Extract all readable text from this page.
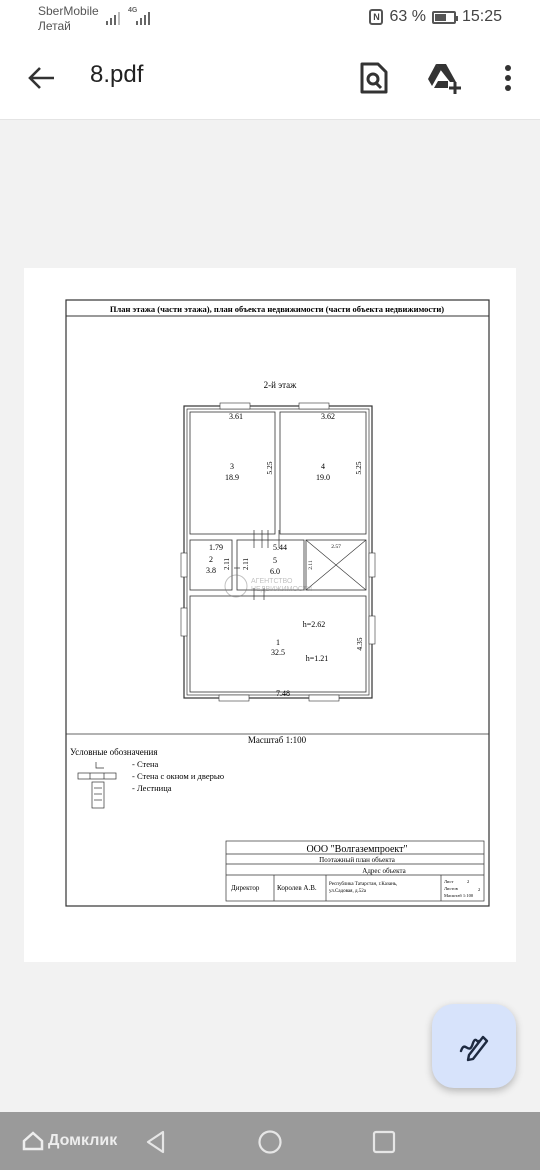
SberMobile
Летай
4G
N 63 % 15:25
8.pdf
План этажа (части этажа), план объекта недвижимости (части объекта недвижимости)
2-й этаж
3.61
3
18.9
5.25
3.62
4
19.0
5.25
1.79
2
3.8
2.11
5.44
5
6.0
2.11
2.57
2.11
АГЕНТСТВО
НЕДВИЖИМОСТИ
h=2.62
1
32.5
h=1.21
4.35
7.48
Масштаб 1:100
Условные обозначения
- Стена
- Стена с окном и дверью
- Лестница
ООО "Волгаземпроект"
Поэтажный план объекта
Адрес объекта
Директор	Королев А.В. Республика Татарстан, г.Казань,
ул.Садовая, д.52а
Лист	2
Листов	2
Масштаб 1:100
Домклик
